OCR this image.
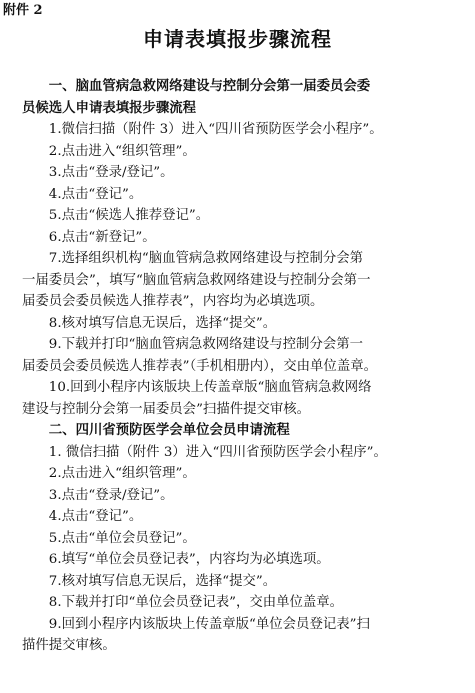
附件 2
申请表填报步骤流程

一、脑血管病急救网络建设与控制分会第一届委员会委

员候选人申请表填报步骤流程

1.微信扫描（附件 3）进入“四川省预防医学会小程序”。

2.点击进入“组织管理”。

3.点击“登录/登记”。

4.点击“登记”。

5.点击“候选人推荐登记”。

6.点击“新登记”。

7.选择组织机构“脑血管病急救网络建设与控制分会第

一届委员会”，填写“脑血管病急救网络建设与控制分会第一

届委员会委员候选人推荐表”，内容均为必填选项。

8.核对填写信息无误后，选择“提交”。

9.下载并打印“脑血管病急救网络建设与控制分会第一

届委员会委员候选人推荐表”（手机相册内），交由单位盖章。

10.回到小程序内该版块上传盖章版“脑血管病急救网络

建设与控制分会第一届委员会”扫描件提交审核。

二、四川省预防医学会单位会员申请流程

1. 微信扫描（附件 3）进入“四川省预防医学会小程序”。

2.点击进入“组织管理”。

3.点击“登录/登记”。

4.点击“登记”。

5.点击“单位会员登记”。

6.填写“单位会员登记表”，内容均为必填选项。

7.核对填写信息无误后，选择“提交”。

8.下载并打印“单位会员登记表”，交由单位盖章。

9.回到小程序内该版块上传盖章版“单位会员登记表”扫

描件提交审核。
